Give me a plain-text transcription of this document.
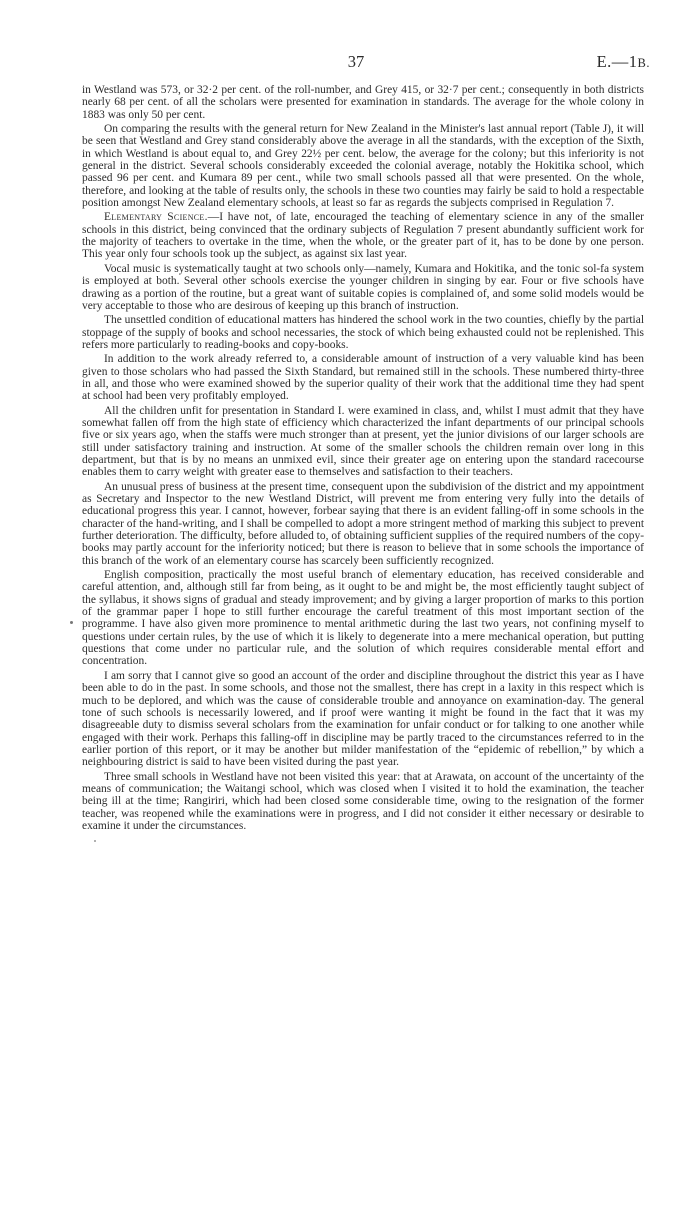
37	E.—1B.

in Westland was 573, or 32·2 per cent. of the roll-number, and Grey 415, or 32·7 per cent.; consequently in both districts nearly 68 per cent. of all the scholars were presented for examination in standards. The average for the whole colony in 1883 was only 50 per cent.

On comparing the results with the general return for New Zealand in the Minister's last annual report (Table J), it will be seen that Westland and Grey stand considerably above the average in all the standards, with the exception of the Sixth, in which Westland is about equal to, and Grey 22½ per cent. below, the average for the colony; but this inferiority is not general in the district. Several schools considerably exceeded the colonial average, notably the Hokitika school, which passed 96 per cent. and Kumara 89 per cent., while two small schools passed all that were presented. On the whole, therefore, and looking at the table of results only, the schools in these two counties may fairly be said to hold a respectable position amongst New Zealand elementary schools, at least so far as regards the subjects comprised in Regulation 7.

Elementary Science.—I have not, of late, encouraged the teaching of elementary science in any of the smaller schools in this district, being convinced that the ordinary subjects of Regulation 7 present abundantly sufficient work for the majority of teachers to overtake in the time, when the whole, or the greater part of it, has to be done by one person. This year only four schools took up the subject, as against six last year.

Vocal music is systematically taught at two schools only—namely, Kumara and Hokitika, and the tonic sol-fa system is employed at both. Several other schools exercise the younger children in singing by ear. Four or five schools have drawing as a portion of the routine, but a great want of suitable copies is complained of, and some solid models would be very acceptable to those who are desirous of keeping up this branch of instruction.

The unsettled condition of educational matters has hindered the school work in the two counties, chiefly by the partial stoppage of the supply of books and school necessaries, the stock of which being exhausted could not be replenished. This refers more particularly to reading-books and copy-books.

In addition to the work already referred to, a considerable amount of instruction of a very valuable kind has been given to those scholars who had passed the Sixth Standard, but remained still in the schools. These numbered thirty-three in all, and those who were examined showed by the superior quality of their work that the additional time they had spent at school had been very profitably employed.

All the children unfit for presentation in Standard I. were examined in class, and, whilst I must admit that they have somewhat fallen off from the high state of efficiency which characterized the infant departments of our principal schools five or six years ago, when the staffs were much stronger than at present, yet the junior divisions of our larger schools are still under satisfactory training and instruction. At some of the smaller schools the children remain over long in this department, but that is by no means an unmixed evil, since their greater age on entering upon the standard racecourse enables them to carry weight with greater ease to themselves and satisfaction to their teachers.

An unusual press of business at the present time, consequent upon the subdivision of the district and my appointment as Secretary and Inspector to the new Westland District, will prevent me from entering very fully into the details of educational progress this year. I cannot, however, forbear saying that there is an evident falling-off in some schools in the character of the hand-writing, and I shall be compelled to adopt a more stringent method of marking this subject to prevent further deterioration. The difficulty, before alluded to, of obtaining sufficient supplies of the required numbers of the copy-books may partly account for the inferiority noticed; but there is reason to believe that in some schools the importance of this branch of the work of an elementary course has scarcely been sufficiently recognized.

English composition, practically the most useful branch of elementary education, has received considerable and careful attention, and, although still far from being, as it ought to be and might be, the most efficiently taught subject of the syllabus, it shows signs of gradual and steady improvement; and by giving a larger proportion of marks to this portion of the grammar paper I hope to still further encourage the careful treatment of this most important section of the programme. I have also given more prominence to mental arithmetic during the last two years, not confining myself to questions under certain rules, by the use of which it is likely to degenerate into a mere mechanical operation, but putting questions that come under no particular rule, and the solution of which requires considerable mental effort and concentration.

I am sorry that I cannot give so good an account of the order and discipline throughout the district this year as I have been able to do in the past. In some schools, and those not the smallest, there has crept in a laxity in this respect which is much to be deplored, and which was the cause of considerable trouble and annoyance on examination-day. The general tone of such schools is necessarily lowered, and if proof were wanting it might be found in the fact that it was my disagreeable duty to dismiss several scholars from the examination for unfair conduct or for talking to one another while engaged with their work. Perhaps this falling-off in discipline may be partly traced to the circumstances referred to in the earlier portion of this report, or it may be another but milder manifestation of the “epidemic of rebellion,” by which a neighbouring district is said to have been visited during the past year.

Three small schools in Westland have not been visited this year: that at Arawata, on account of the uncertainty of the means of communication; the Waitangi school, which was closed when I visited it to hold the examination, the teacher being ill at the time; Rangiriri, which had been closed some considerable time, owing to the resignation of the former teacher, was reopened while the examinations were in progress, and I did not consider it either necessary or desirable to examine it under the circumstances.
